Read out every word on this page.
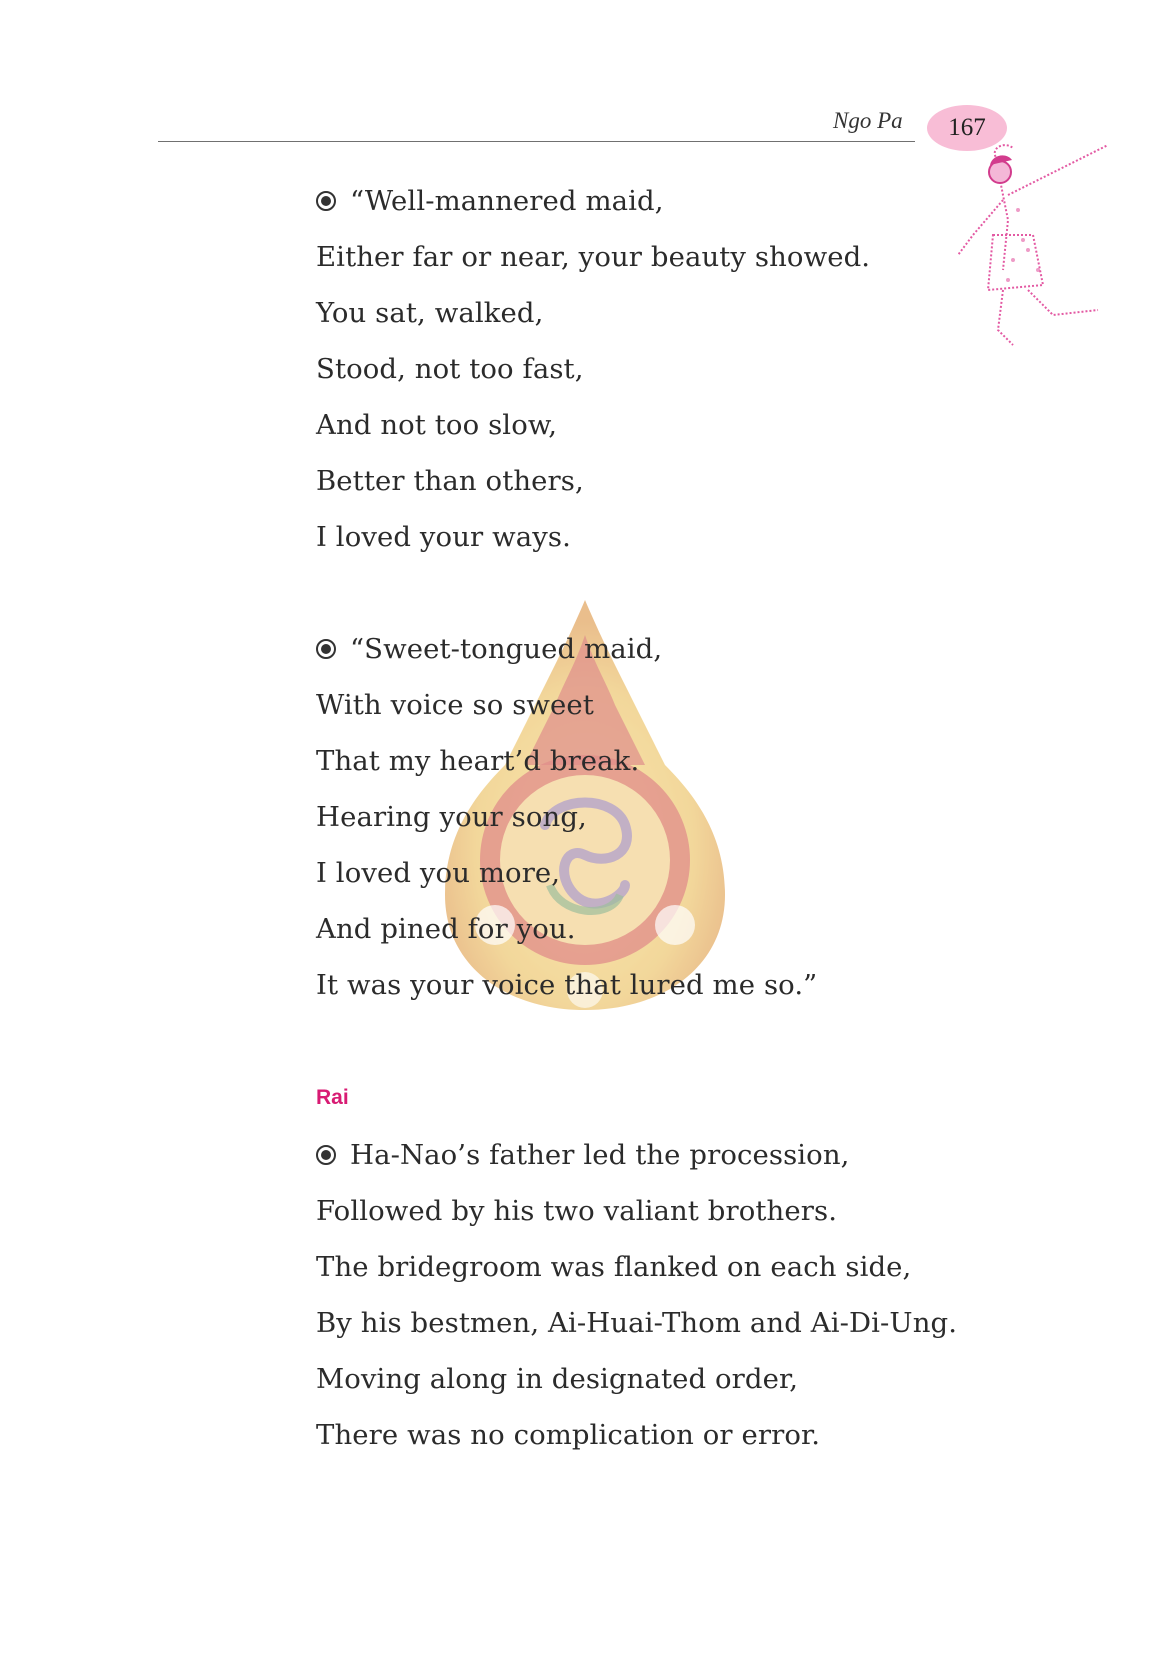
Ngo Pa 167
“Well-mannered maid,
Either far or near, your beauty showed.
You sat, walked,
Stood, not too fast,
And not too slow,
Better than others,
I loved your ways.
“Sweet-tongued maid,
With voice so sweet
That my heart’d break.
Hearing your song,
I loved you more,
And pined for you.
It was your voice that lured me so.”
Ha-Nao’s father led the procession,
Followed by his two valiant brothers.
The bridegroom was flanked on each side,
By his bestmen, Ai-Huai-Thom and Ai-Di-Ung.
Moving along in designated order,
There was no complication or error.
Rai
